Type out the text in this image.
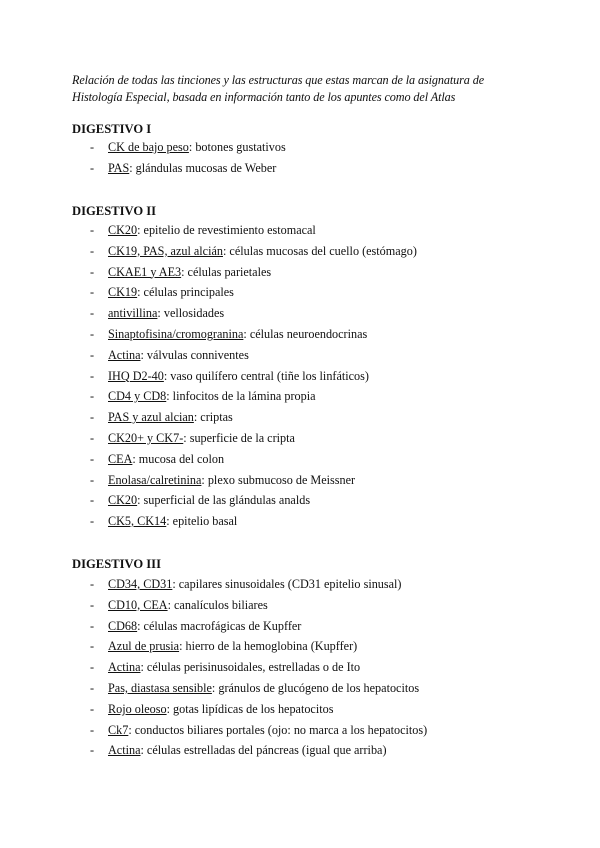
Relación de todas las tinciones y las estructuras que estas marcan de la asignatura de
Histología Especial, basada en información tanto de los apuntes como del Atlas
DIGESTIVO I
-	CK de bajo peso : botones gustativos
-	PAS : glándulas mucosas de Weber
DIGESTIVO II
-	CK20 : epitelio de revestimiento estomacal
-	CK19, PAS, azul alcián : células mucosas del cuello (estómago)
-	CKAE1 y AE3 : células parietales
-	CK19 : células principales
-	antivillina : vellosidades
-	Sinaptofisina/cromogranina : células neuroendocrinas
-	Actina : válvulas conniventes
-	IHQ D2-40 : vaso quilífero central (tiñe los linfáticos)
-	CD4 y CD8 : linfocitos de la lámina propia
-	PAS y azul alcian : criptas
-	CK20+ y CK7- : superficie de la cripta
-	CEA : mucosa del colon
-	Enolasa/calretinina : plexo submucoso de Meissner
-	CK20 : superficial de las glándulas analds
-	CK5, CK14 : epitelio basal
DIGESTIVO III
-	CD34, CD31 : capilares sinusoidales (CD31 epitelio sinusal)
-	CD10, CEA : canalículos biliares
-	CD68 : células macrofágicas de Kupffer
-	Azul de prusia : hierro de la hemoglobina (Kupffer)
-	Actina : células perisinusoidales, estrelladas o de Ito
-	Pas, diastasa sensible : gránulos de glucógeno de los hepatocitos
-	Rojo oleoso : gotas lipídicas de los hepatocitos
-	Ck7 : conductos biliares portales (ojo: no marca a los hepatocitos)
-	Actina : células estrelladas del páncreas (igual que arriba)
